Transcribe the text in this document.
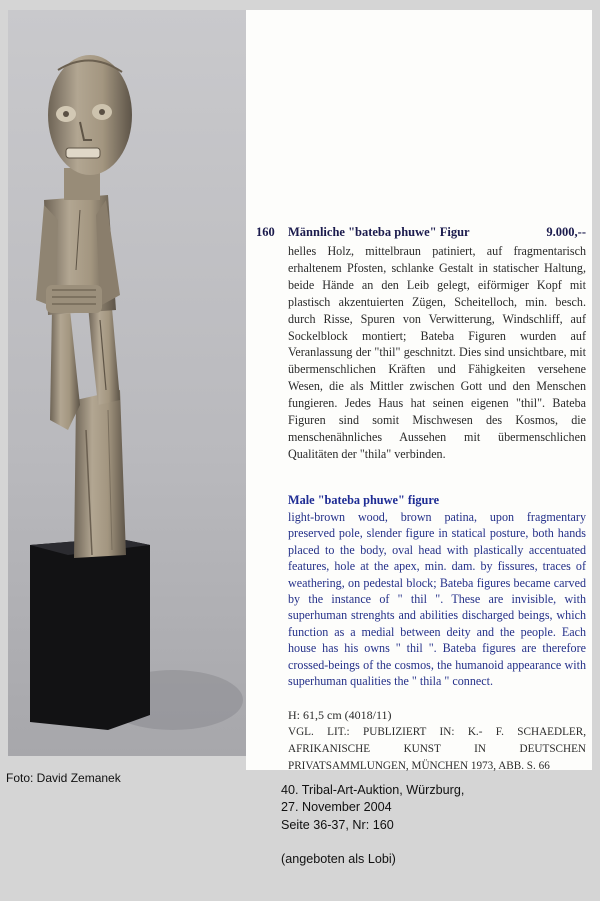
160 Männliche "bateba phuwe" Figur	9.000,--
helles Holz, mittelbraun patiniert, auf fragmentarisch erhaltenem Pfosten, schlanke Gestalt in statischer Haltung, beide Hände an den Leib gelegt, eiförmiger Kopf mit plastisch akzentuierten Zügen, Scheitelloch, min. besch. durch Risse, Spuren von Verwitterung, Windschliff, auf Sockelblock montiert; Bateba Figuren wurden auf Veranlassung der "thil" geschnitzt. Dies sind unsichtbare, mit übermenschlichen Kräften und Fähigkeiten versehene Wesen, die als Mittler zwischen Gott und den Menschen fungieren. Jedes Haus hat seinen eigenen "thil". Bateba Figuren sind somit Mischwesen des Kosmos, die menschenähnliches Aussehen mit übermenschlichen Qualitäten der "thila" verbinden.
Male "bateba phuwe" figure
light-brown wood, brown patina, upon fragmentary preserved pole, slender figure in statical posture, both hands placed to the body, oval head with plastically accentuated features, hole at the apex, min. dam. by fissures, traces of weathering, on pedestal block; Bateba figures became carved by the instance of " thil ". These are invisible, with superhuman strenghts and abilities discharged beings, which function as a medial between deity and the people. Each house has his owns " thil ". Bateba figures are therefore crossed-beings of the cosmos, the humanoid appearance with superhuman qualities the " thila " connect.
H: 61,5 cm (4018/11)
VGL. LIT.: PUBLIZIERT IN: K.- F. SCHAEDLER, AFRIKANISCHE KUNST IN DEUTSCHEN PRIVATSAMMLUNGEN, MÜNCHEN 1973, ABB. S. 66
Foto: David Zemanek
40. Tribal-Art-Auktion, Würzburg,
27. November 2004
Seite 36-37, Nr: 160
(angeboten als Lobi)
